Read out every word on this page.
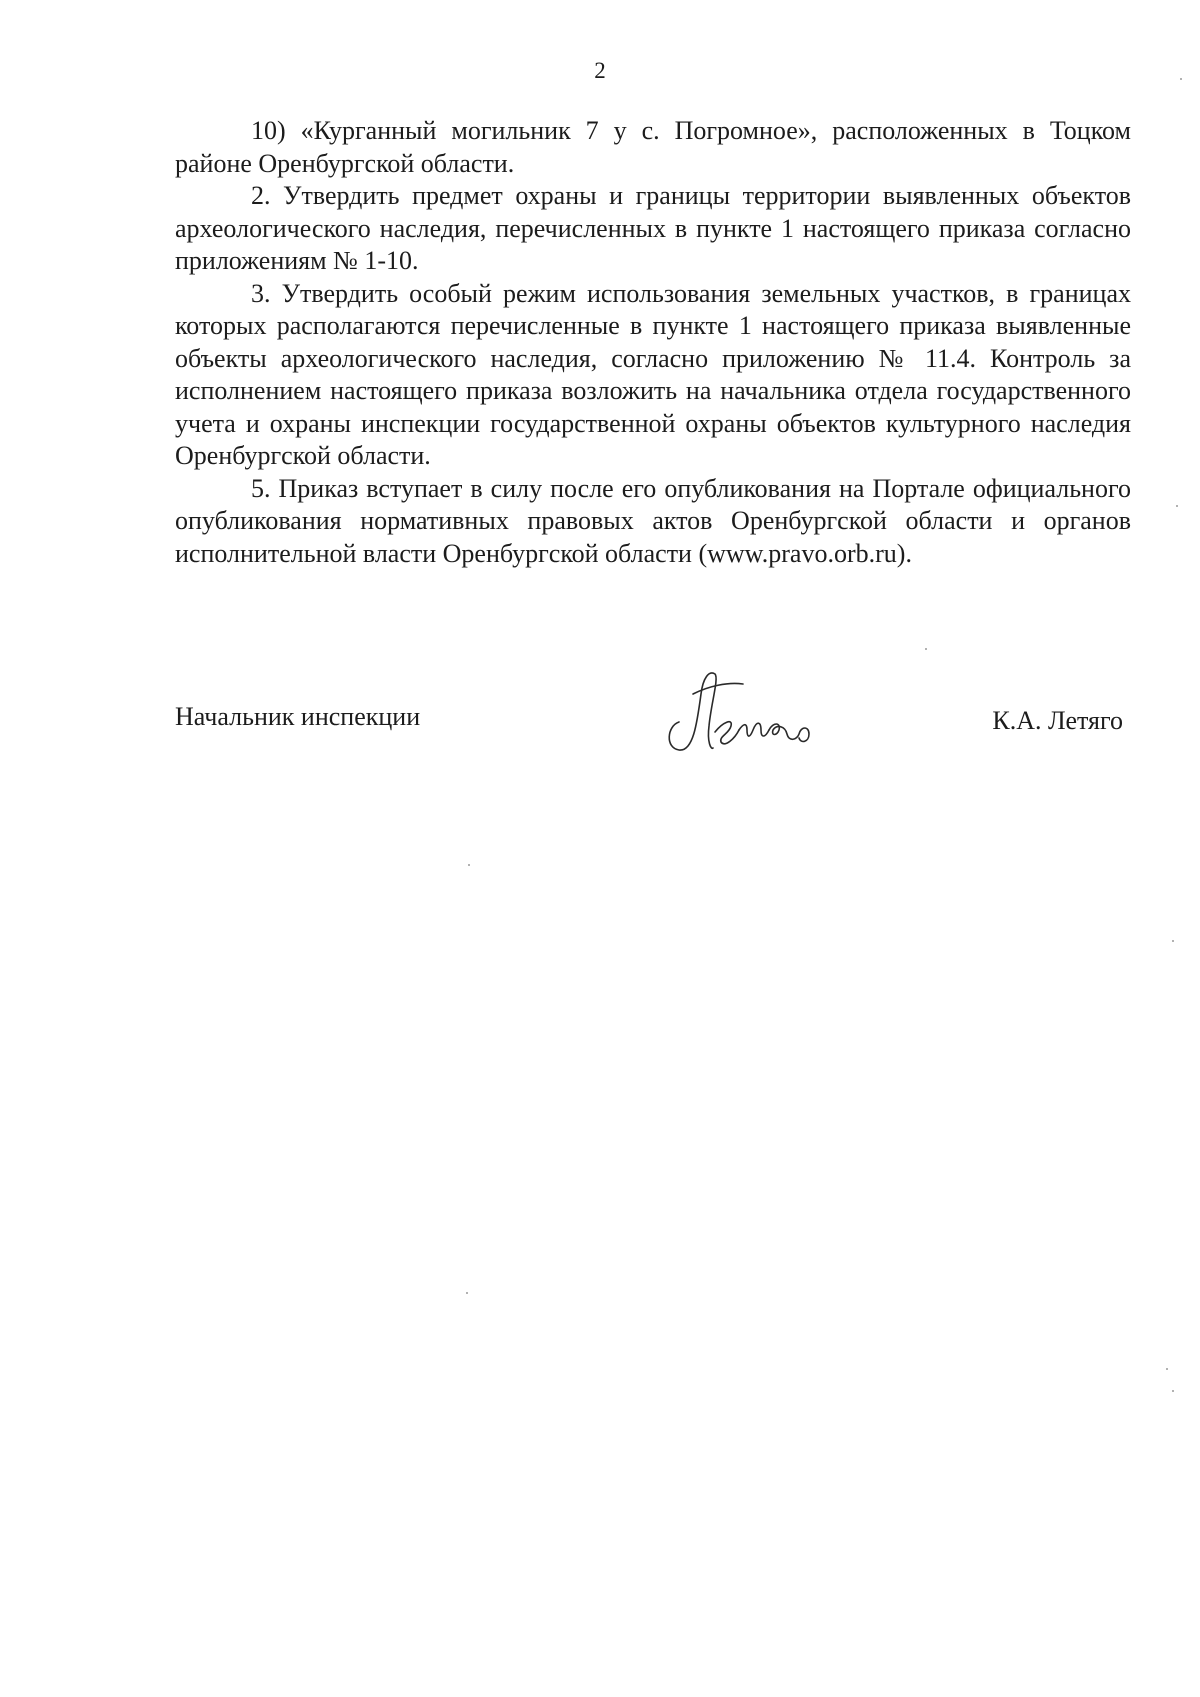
2

10) «Курганный могильник 7 у с. Погромное», расположенных в Тоцком районе Оренбургской области.

2. Утвердить предмет охраны и границы территории выявленных объектов археологического наследия, перечисленных в пункте 1 настоящего приказа согласно приложениям № 1-10.

3. Утвердить особый режим использования земельных участков, в границах которых располагаются перечисленные в пункте 1 настоящего приказа выявленные объекты археологического наследия, согласно приложению № 11.4. Контроль за исполнением настоящего приказа возложить на начальника отдела государственного учета и охраны инспекции государственной охраны объектов культурного наследия Оренбургской области.

5. Приказ вступает в силу после его опубликования на Портале официального опубликования нормативных правовых актов Оренбургской области и органов исполнительной власти Оренбургской области (www.pravo.orb.ru).

Начальник инспекции	К.А. Летяго
